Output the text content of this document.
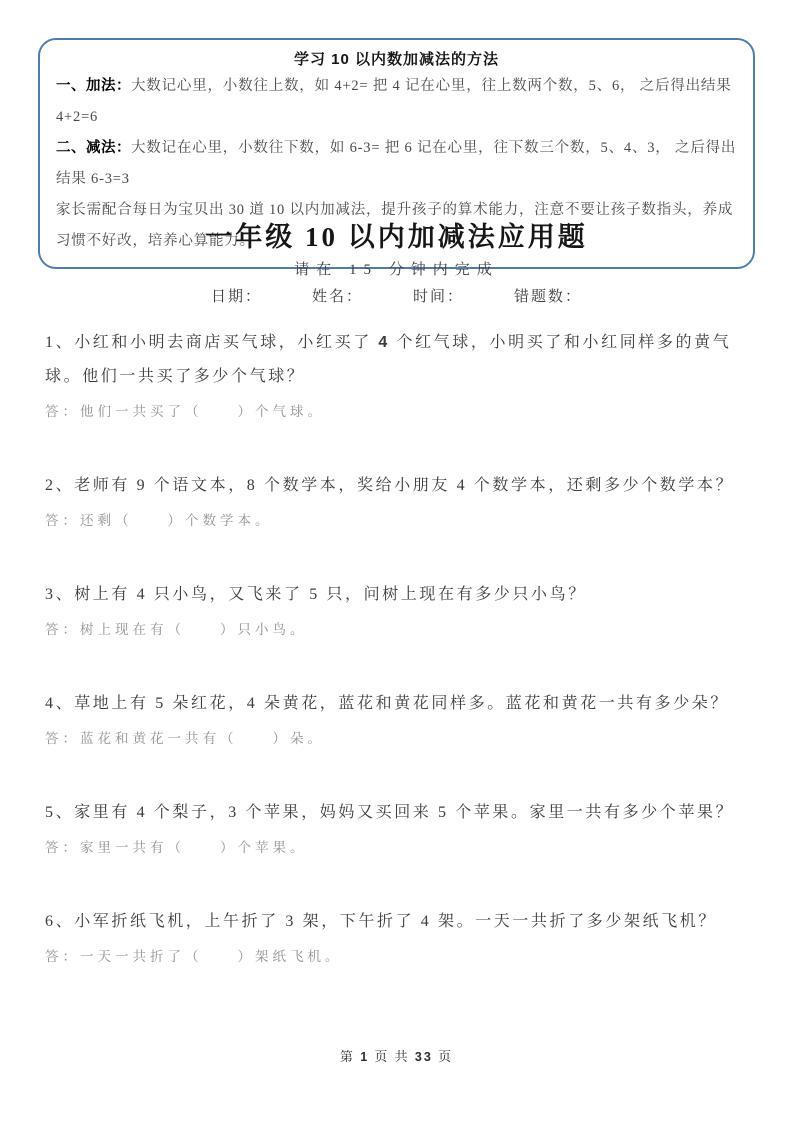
学习 10 以内数加减法的方法

一、加法：大数记心里，小数往上数，如 4+2= 把 4 记在心里，往上数两个数，5、6， 之后得出结果 4+2=6

二、减法：大数记在心里，小数往下数，如 6-3= 把 6 记在心里，往下数三个数，5、4、3， 之后得出结果 6-3=3

家长需配合每日为宝贝出 30 道 10 以内加减法，提升孩子的算术能力，注意不要让孩子数指头，养成习惯不好改，培养心算能力。

一年级 10 以内加减法应用题
请在 15 分钟内完成
日期：	姓名：	时间：	错题数：
1、小红和小明去商店买气球，小红买了 4 个红气球，小明买了和小红同样多的黄气球。他们一共买了多少个气球？
答：他们一共买了（　　）个气球。
2、老师有 9 个语文本，8 个数学本，奖给小朋友 4 个数学本，还剩多少个数学本？
答：还剩（　　）个数学本。
3、树上有 4 只小鸟，又飞来了 5 只，问树上现在有多少只小鸟？
答：树上现在有（　　）只小鸟。
4、草地上有 5 朵红花，4 朵黄花，蓝花和黄花同样多。蓝花和黄花一共有多少朵？
答：蓝花和黄花一共有（　　）朵。
5、家里有 4 个梨子，3 个苹果，妈妈又买回来 5 个苹果。家里一共有多少个苹果？
答：家里一共有（　　）个苹果。
6、小军折纸飞机，上午折了 3 架，下午折了 4 架。一天一共折了多少架纸飞机？
答：一天一共折了（　　）架纸飞机。
第 1 页 共 33 页
